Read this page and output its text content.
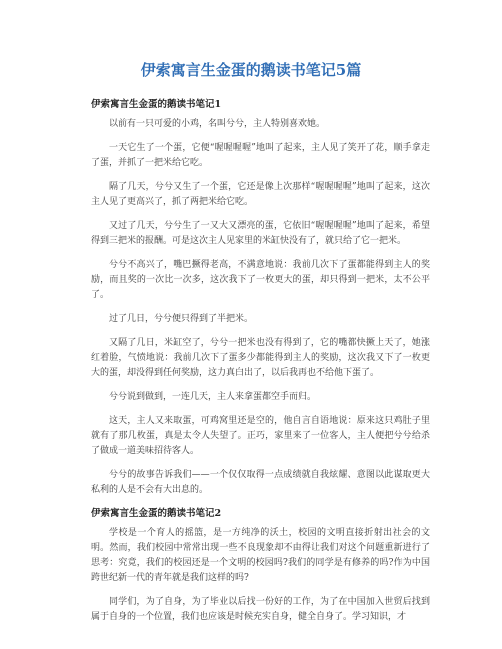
伊索寓言生金蛋的鹅读书笔记5篇
伊索寓言生金蛋的鹅读书笔记1

以前有一只可爱的小鸡，名叫兮兮，主人特别喜欢她。

一天它生了一个蛋，它便“喔喔喔喔”地叫了起来，主人见了笑开了花，顺手拿走了蛋，并抓了一把米给它吃。

隔了几天，兮兮又生了一个蛋，它还是像上次那样“喔喔喔喔”地叫了起来，这次主人见了更高兴了，抓了两把米给它吃。

又过了几天，兮兮生了一又大又漂亮的蛋，它依旧“喔喔喔喔”地叫了起来，希望得到三把米的报酬。可是这次主人见家里的米缸快没有了，就只给了它一把米。

兮兮不高兴了，嘴巴撅得老高，不满意地说：我前几次下了蛋都能得到主人的奖励，而且奖的一次比一次多，这次我下了一枚更大的蛋，却只得到一把米，太不公平了。

过了几日，兮兮便只得到了半把米。

又隔了几日，米缸空了，兮兮一把米也没有得到了，它的嘴都快撅上天了，她涨红着脸，气愤地说：我前几次下了蛋多少都能得到主人的奖励，这次我又下了一枚更大的蛋，却没得到任何奖励，这力真白出了，以后我再也不给他下蛋了。

兮兮说到做到，一连几天，主人来拿蛋都空手而归。

这天，主人又来取蛋，可鸡窝里还是空的，他自言自语地说：原来这只鸡肚子里就有了那几枚蛋，真是太令人失望了。正巧，家里来了一位客人，主人便把兮兮给杀了做成一道美味招待客人。

兮兮的故事告诉我们——一个仅仅取得一点成绩就自我炫耀、意图以此谋取更大私利的人是不会有大出息的。

伊索寓言生金蛋的鹅读书笔记2

学校是一个育人的摇篮，是一方纯净的沃土，校园的文明直接折射出社会的文明。然而，我们校园中常常出现一些不良现象却不由得让我们对这个问题重新进行了思考：究竟，我们的校园还是一个文明的校园吗?我们的同学是有修养的吗?作为中国跨世纪新一代的青年就是我们这样的吗?

同学们，为了自身，为了毕业以后找一份好的工作，为了在中国加入世贸后找到属于自身的一个位置，我们也应该是时候充实自身，健全自身了。学习知识，才
